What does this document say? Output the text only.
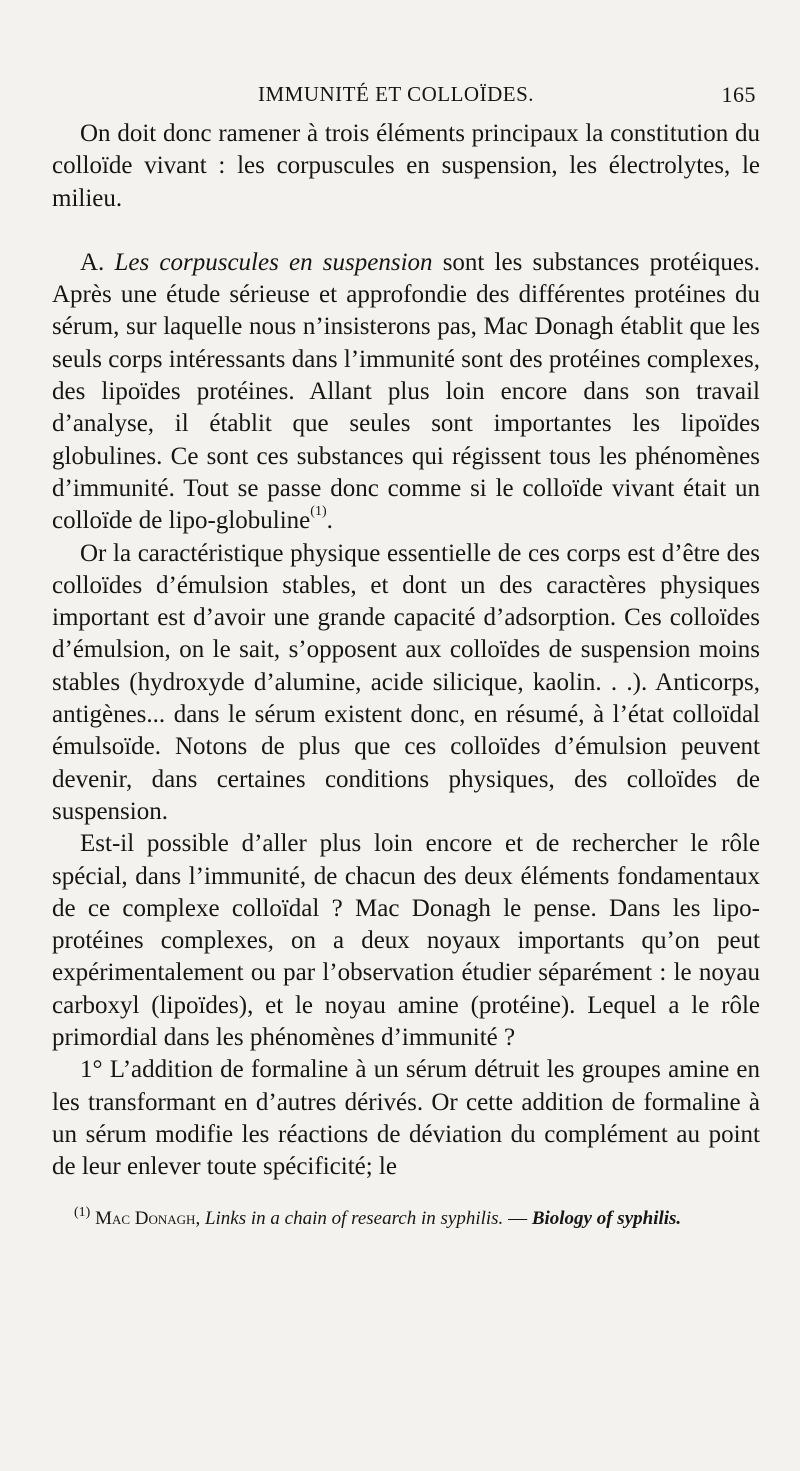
IMMUNITÉ ET COLLOÏDES.	165

On doit donc ramener à trois éléments principaux la constitution du colloïde vivant : les corpuscules en suspension, les électrolytes, le milieu.

A. Les corpuscules en suspension sont les substances protéiques. Après une étude sérieuse et approfondie des différentes protéines du sérum, sur laquelle nous n’insisterons pas, Mac Donagh établit que les seuls corps intéressants dans l’immunité sont des protéines complexes, des lipoïdes protéines. Allant plus loin encore dans son travail d’analyse, il établit que seules sont importantes les lipoïdes globulines. Ce sont ces substances qui régissent tous les phénomènes d’immunité. Tout se passe donc comme si le colloïde vivant était un colloïde de lipo-globuline$^{(1)}$.

Or la caractéristique physique essentielle de ces corps est d’être des colloïdes d’émulsion stables, et dont un des caractères physiques important est d’avoir une grande capacité d’adsorption. Ces colloïdes d’émulsion, on le sait, s’opposent aux colloïdes de suspension moins stables (hydroxyde d’alumine, acide silicique, kaolin. . .). Anticorps, antigènes... dans le sérum existent donc, en résumé, à l’état colloïdal émulsoïde. Notons de plus que ces colloïdes d’émulsion peuvent devenir, dans certaines conditions physiques, des colloïdes de suspension.

Est-il possible d’aller plus loin encore et de rechercher le rôle spécial, dans l’immunité, de chacun des deux éléments fondamentaux de ce complexe colloïdal ? Mac Donagh le pense. Dans les lipo-protéines complexes, on a deux noyaux importants qu’on peut expérimentalement ou par l’observation étudier séparément : le noyau carboxyl (lipoïdes), et le noyau amine (protéine). Lequel a le rôle primordial dans les phénomènes d’immunité ?

1° L’addition de formaline à un sérum détruit les groupes amine en les transformant en d’autres dérivés. Or cette addition de formaline à un sérum modifie les réactions de déviation du complément au point de leur enlever toute spécificité; le

$^{(1)}$ Mac Donagh, Links in a chain of research in syphilis. — Biology of syphilis.
